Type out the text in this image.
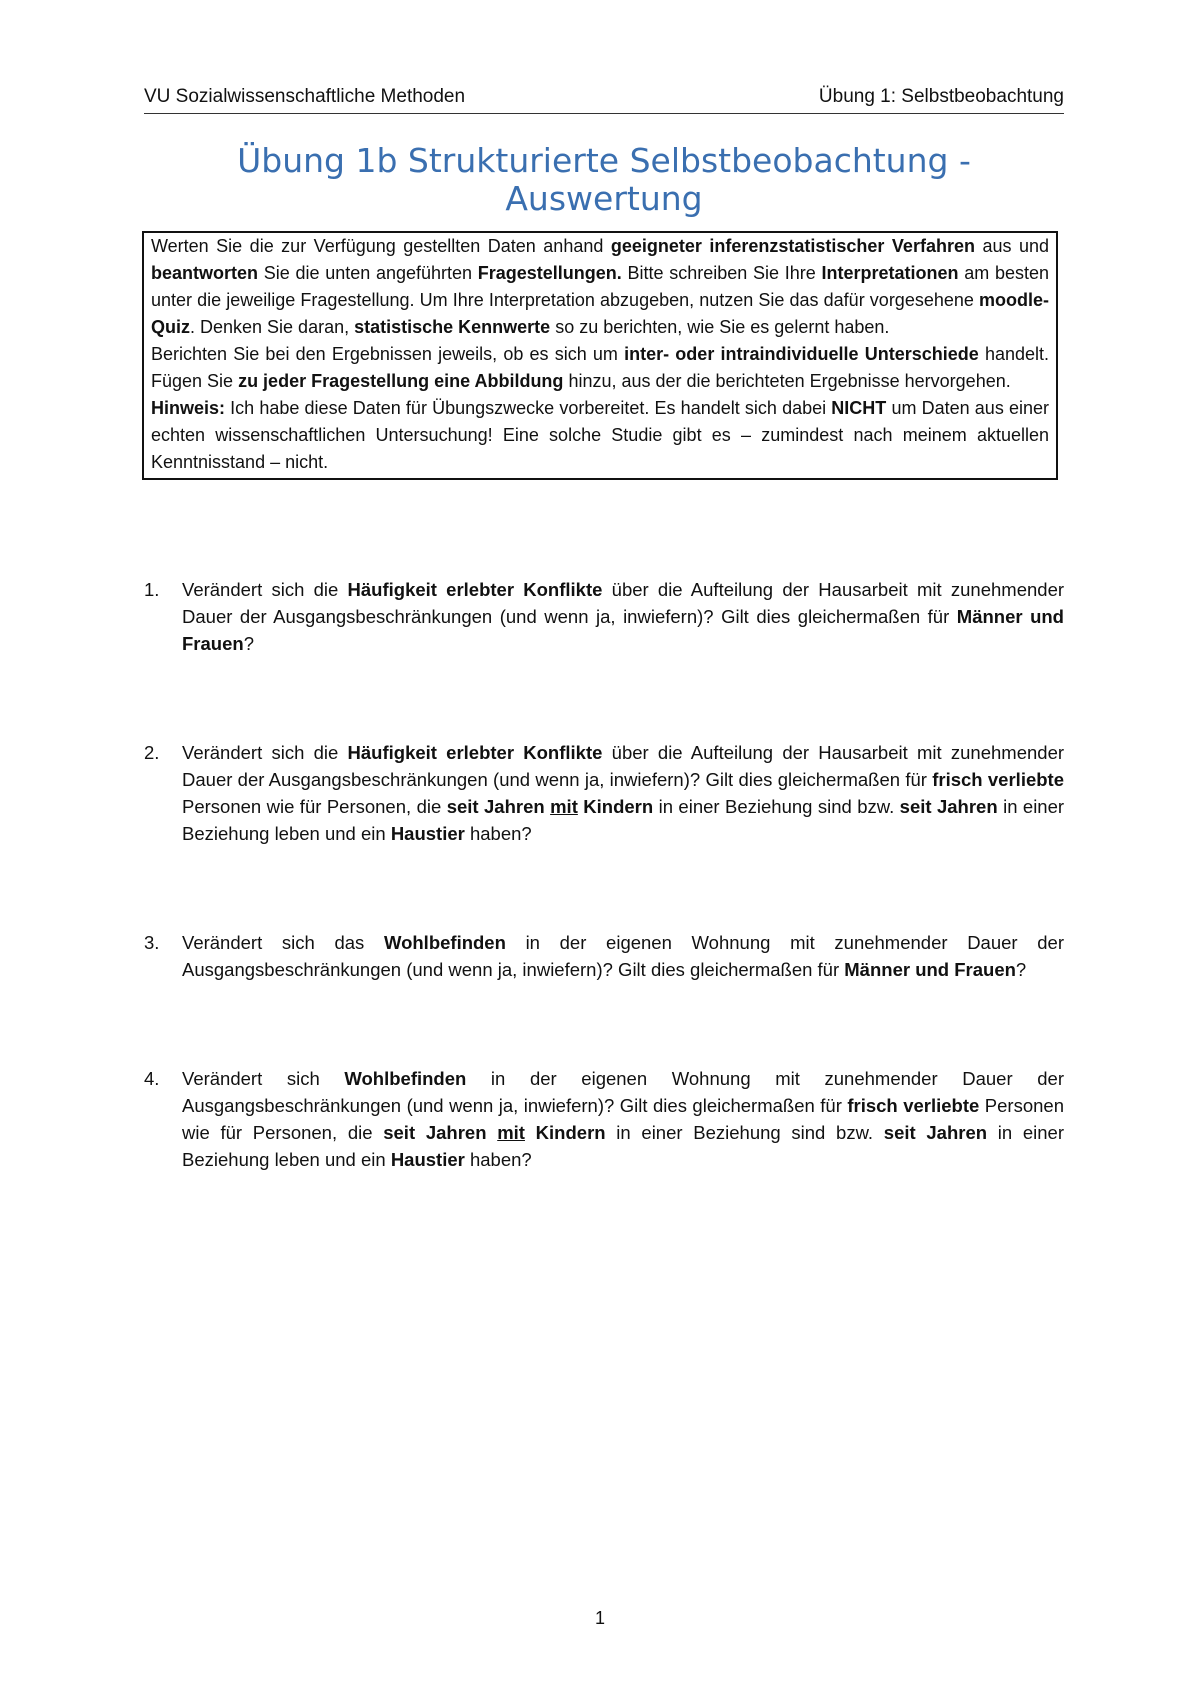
VU Sozialwissenschaftliche Methoden	Übung 1: Selbstbeobachtung
Übung 1b Strukturierte Selbstbeobachtung -
Auswertung

Werten Sie die zur Verfügung gestellten Daten anhand geeigneter inferenzstatistischer Verfahren aus und beantworten Sie die unten angeführten Fragestellungen. Bitte schreiben Sie Ihre Interpretationen am besten unter die jeweilige Fragestellung. Um Ihre Interpretation abzugeben, nutzen Sie das dafür vorgesehene moodle-Quiz. Denken Sie daran, statistische Kennwerte so zu berichten, wie Sie es gelernt haben.

Berichten Sie bei den Ergebnissen jeweils, ob es sich um inter- oder intraindividuelle Unterschiede handelt. Fügen Sie zu jeder Fragestellung eine Abbildung hinzu, aus der die berichteten Ergebnisse hervorgehen.

Hinweis: Ich habe diese Daten für Übungszwecke vorbereitet. Es handelt sich dabei NICHT um Daten aus einer echten wissenschaftlichen Untersuchung! Eine solche Studie gibt es – zumindest nach meinem aktuellen Kenntnisstand – nicht.

1. Verändert sich die Häufigkeit erlebter Konflikte über die Aufteilung der Hausarbeit mit zunehmender Dauer der Ausgangsbeschränkungen (und wenn ja, inwiefern)? Gilt dies gleichermaßen für Männer und Frauen?
2. Verändert sich die Häufigkeit erlebter Konflikte über die Aufteilung der Hausarbeit mit zunehmender Dauer der Ausgangsbeschränkungen (und wenn ja, inwiefern)? Gilt dies gleichermaßen für frisch verliebte Personen wie für Personen, die seit Jahren mit Kindern in einer Beziehung sind bzw. seit Jahren in einer Beziehung leben und ein Haustier haben?
3. Verändert sich das Wohlbefinden in der eigenen Wohnung mit zunehmender Dauer der Ausgangsbeschränkungen (und wenn ja, inwiefern)? Gilt dies gleichermaßen für Männer und Frauen?
4. Verändert sich Wohlbefinden in der eigenen Wohnung mit zunehmender Dauer der Ausgangsbeschränkungen (und wenn ja, inwiefern)? Gilt dies gleichermaßen für frisch verliebte Personen wie für Personen, die seit Jahren mit Kindern in einer Beziehung sind bzw. seit Jahren in einer Beziehung leben und ein Haustier haben?
1
